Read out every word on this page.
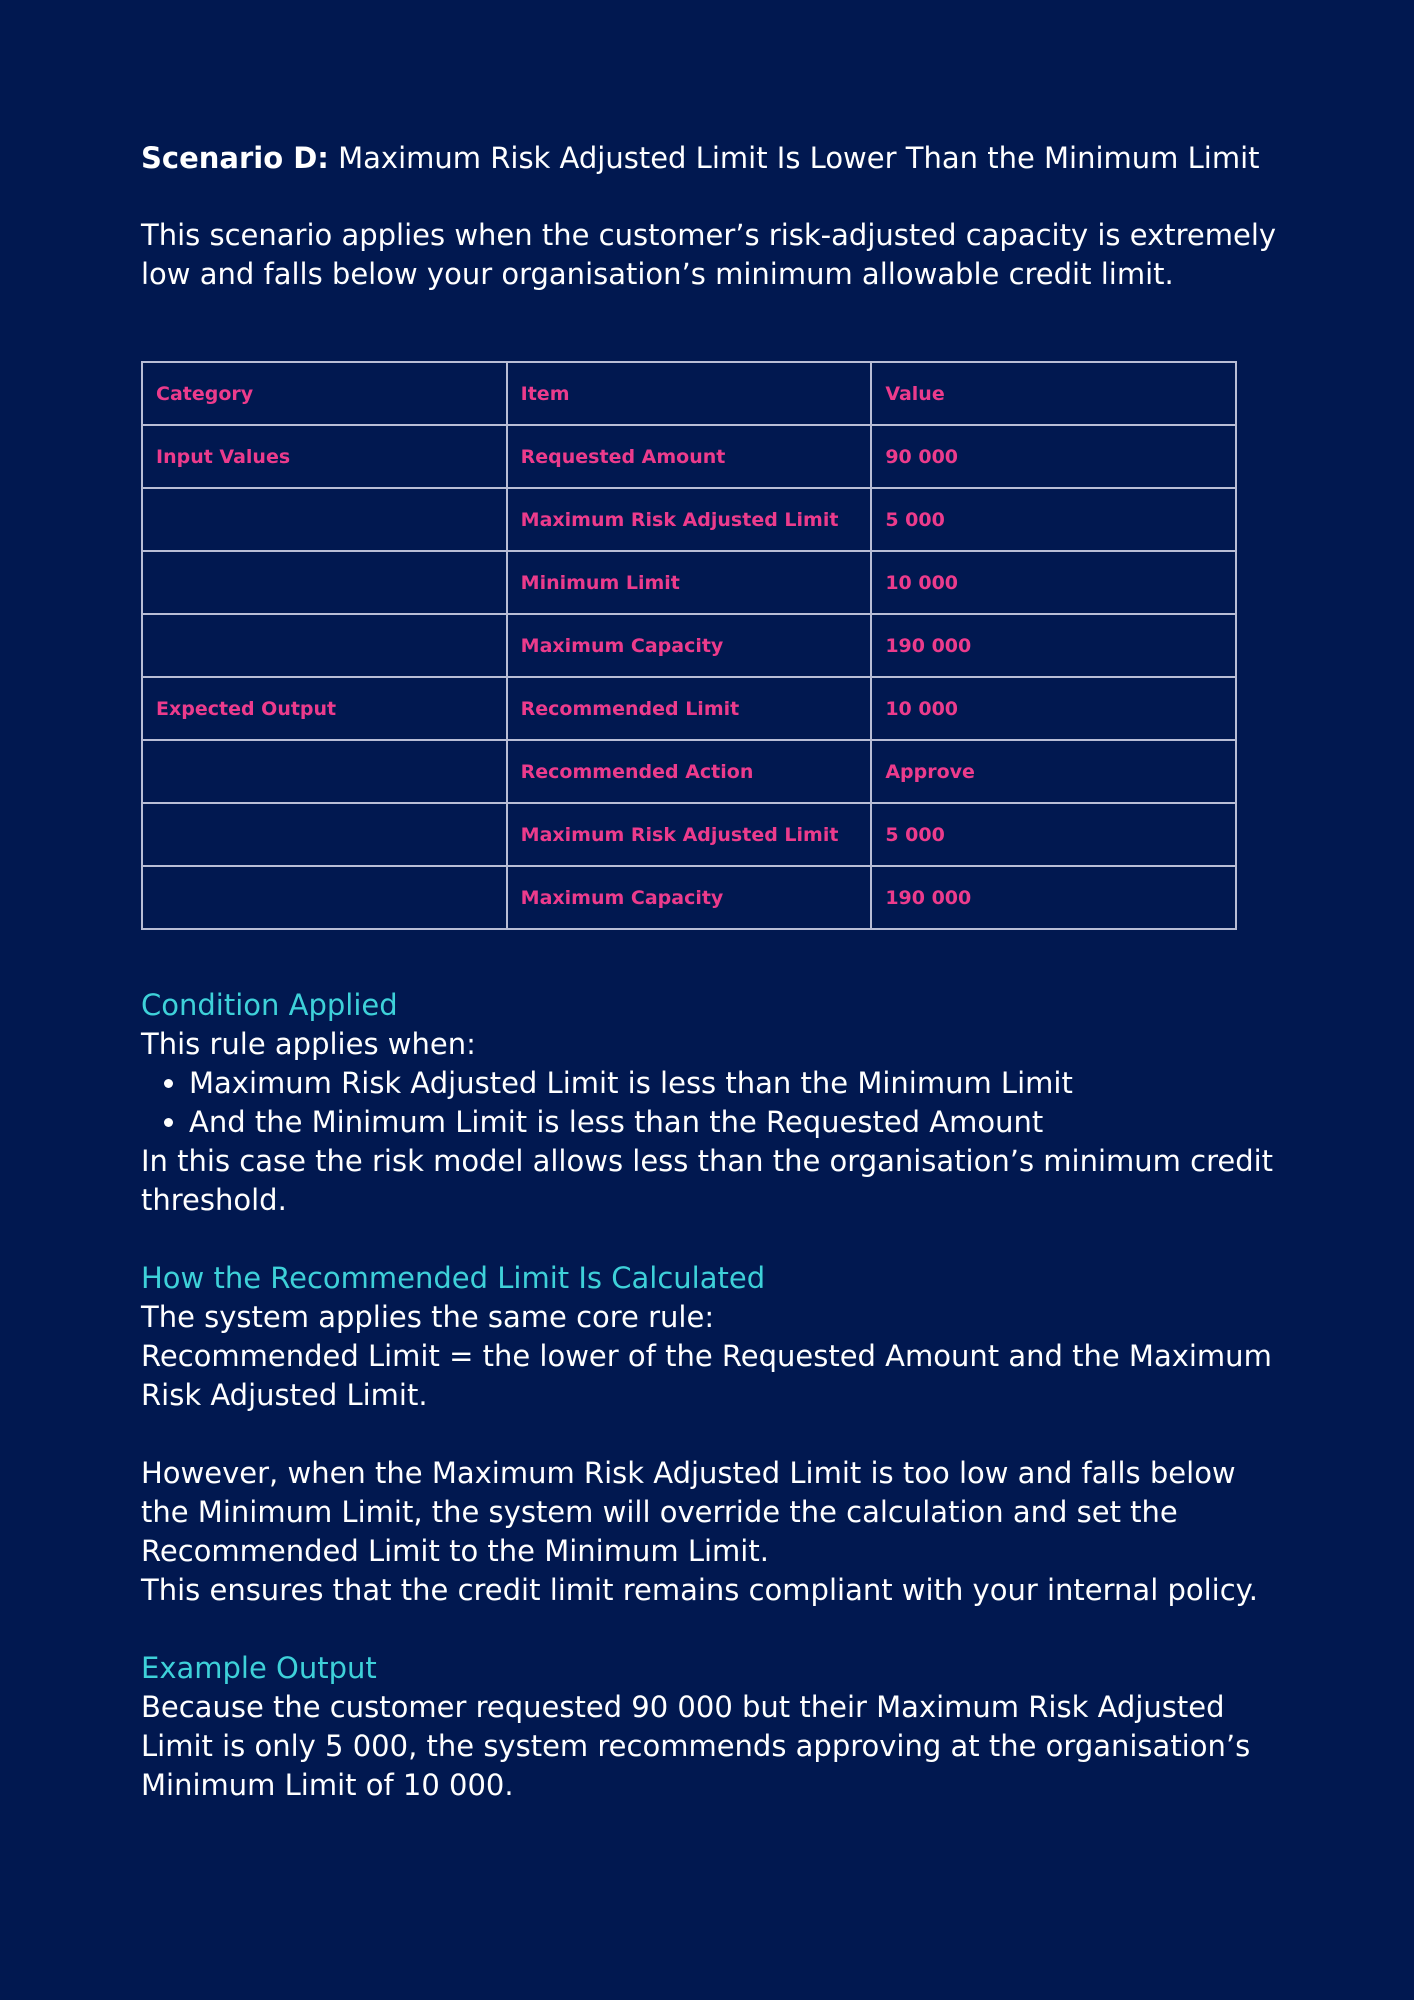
Scenario D: Maximum Risk Adjusted Limit Is Lower Than the Minimum Limit

This scenario applies when the customer’s risk-adjusted capacity is extremely low and falls below your organisation’s minimum allowable credit limit.

Category	Item	Value
Input Values	Requested Amount	90 000
	Maximum Risk Adjusted Limit	5 000
	Minimum Limit	10 000
	Maximum Capacity	190 000
Expected Output	Recommended Limit	10 000
	Recommended Action	Approve
	Maximum Risk Adjusted Limit	5 000
	Maximum Capacity	190 000
Condition Applied

This rule applies when:

• Maximum Risk Adjusted Limit is less than the Minimum Limit
• And the Minimum Limit is less than the Requested Amount

In this case the risk model allows less than the organisation’s minimum credit threshold.

How the Recommended Limit Is Calculated

The system applies the same core rule:

Recommended Limit = the lower of the Requested Amount and the Maximum Risk Adjusted Limit.

However, when the Maximum Risk Adjusted Limit is too low and falls below the Minimum Limit, the system will override the calculation and set the Recommended Limit to the Minimum Limit.

This ensures that the credit limit remains compliant with your internal policy.

Example Output

Because the customer requested 90 000 but their Maximum Risk Adjusted Limit is only 5 000, the system recommends approving at the organisation’s Minimum Limit of 10 000.
